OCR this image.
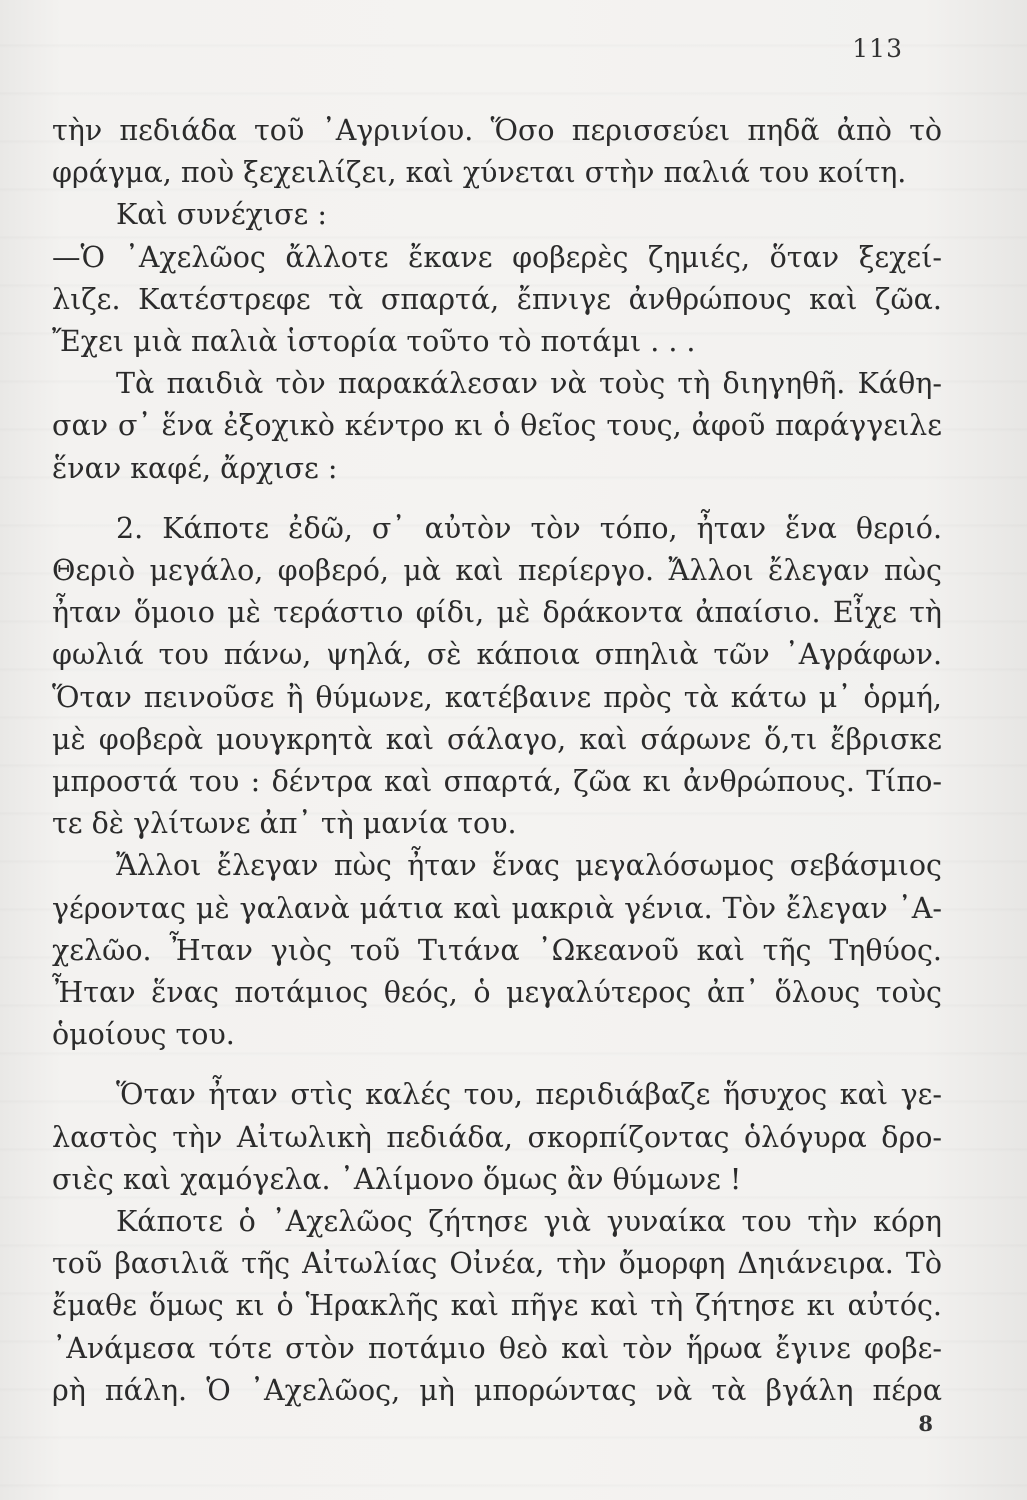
113
τὴν πεδιάδα τοῦ ᾿Αγρινίου. Ὅσο περισσεύει πηδᾶ ἀπὸ τὸ
φράγμα, ποὺ ξεχειλίζει, καὶ χύνεται στὴν παλιά του κοίτη.
Καὶ συνέχισε :
—Ὁ ᾿Αχελῶος ἄλλοτε ἔκανε φοβερὲς ζημιές, ὅταν ξεχεί-
λιζε. Κατέστρεφε τὰ σπαρτά, ἔπνιγε ἀνθρώπους καὶ ζῶα.
Ἔχει μιὰ παλιὰ ἱστορία τοῦτο τὸ ποτάμι . . .
Τὰ παιδιὰ τὸν παρακάλεσαν νὰ τοὺς τὴ διηγηθῆ. Κάθη-
σαν σ᾿ ἕνα ἐξοχικὸ κέντρο κι ὁ θεῖος τους, ἀφοῦ παράγγειλε
ἕναν καφέ, ἄρχισε :
2. Κάποτε ἐδῶ, σ᾿ αὐτὸν τὸν τόπο, ἦταν ἕνα θεριό.
Θεριὸ μεγάλο, φοβερό, μὰ καὶ περίεργο. Ἄλλοι ἔλεγαν πὼς
ἦταν ὅμοιο μὲ τεράστιο φίδι, μὲ δράκοντα ἀπαίσιο. Εἶχε τὴ
φωλιά του πάνω, ψηλά, σὲ κάποια σπηλιὰ τῶν ᾿Αγράφων.
Ὅταν πεινοῦσε ἢ θύμωνε, κατέβαινε πρὸς τὰ κάτω μ᾿ ὁρμή,
μὲ φοβερὰ μουγκρητὰ καὶ σάλαγο, καὶ σάρωνε ὅ,τι ἔβρισκε
μπροστά του : δέντρα καὶ σπαρτά, ζῶα κι ἀνθρώπους. Τίπο-
τε δὲ γλίτωνε ἀπ᾿ τὴ μανία του.
Ἄλλοι ἔλεγαν πὼς ἦταν ἕνας μεγαλόσωμος σεβάσμιος
γέροντας μὲ γαλανὰ μάτια καὶ μακριὰ γένια. Τὸν ἔλεγαν ᾿Α-
χελῶο. Ἦταν γιὸς τοῦ Τιτάνα ᾿Ωκεανοῦ καὶ τῆς Τηθύος.
Ἦταν ἕνας ποτάμιος θεός, ὁ μεγαλύτερος ἀπ᾿ ὅλους τοὺς
ὁμοίους του.
Ὅταν ἦταν στὶς καλές του, περιδιάβαζε ἥσυχος καὶ γε-
λαστὸς τὴν Αἰτωλικὴ πεδιάδα, σκορπίζοντας ὁλόγυρα δρο-
σιὲς καὶ χαμόγελα. ᾿Αλίμονο ὅμως ἂν θύμωνε !
Κάποτε ὁ ᾿Αχελῶος ζήτησε γιὰ γυναίκα του τὴν κόρη
τοῦ βασιλιᾶ τῆς Αἰτωλίας Οἰνέα, τὴν ὄμορφη Δηιάνειρα. Τὸ
ἔμαθε ὅμως κι ὁ Ἡρακλῆς καὶ πῆγε καὶ τὴ ζήτησε κι αὐτός.
᾿Ανάμεσα τότε στὸν ποτάμιο θεὸ καὶ τὸν ἥρωα ἔγινε φοβε-
ρὴ πάλη. Ὁ ᾿Αχελῶος, μὴ μπορώντας νὰ τὰ βγάλη πέρα
8
